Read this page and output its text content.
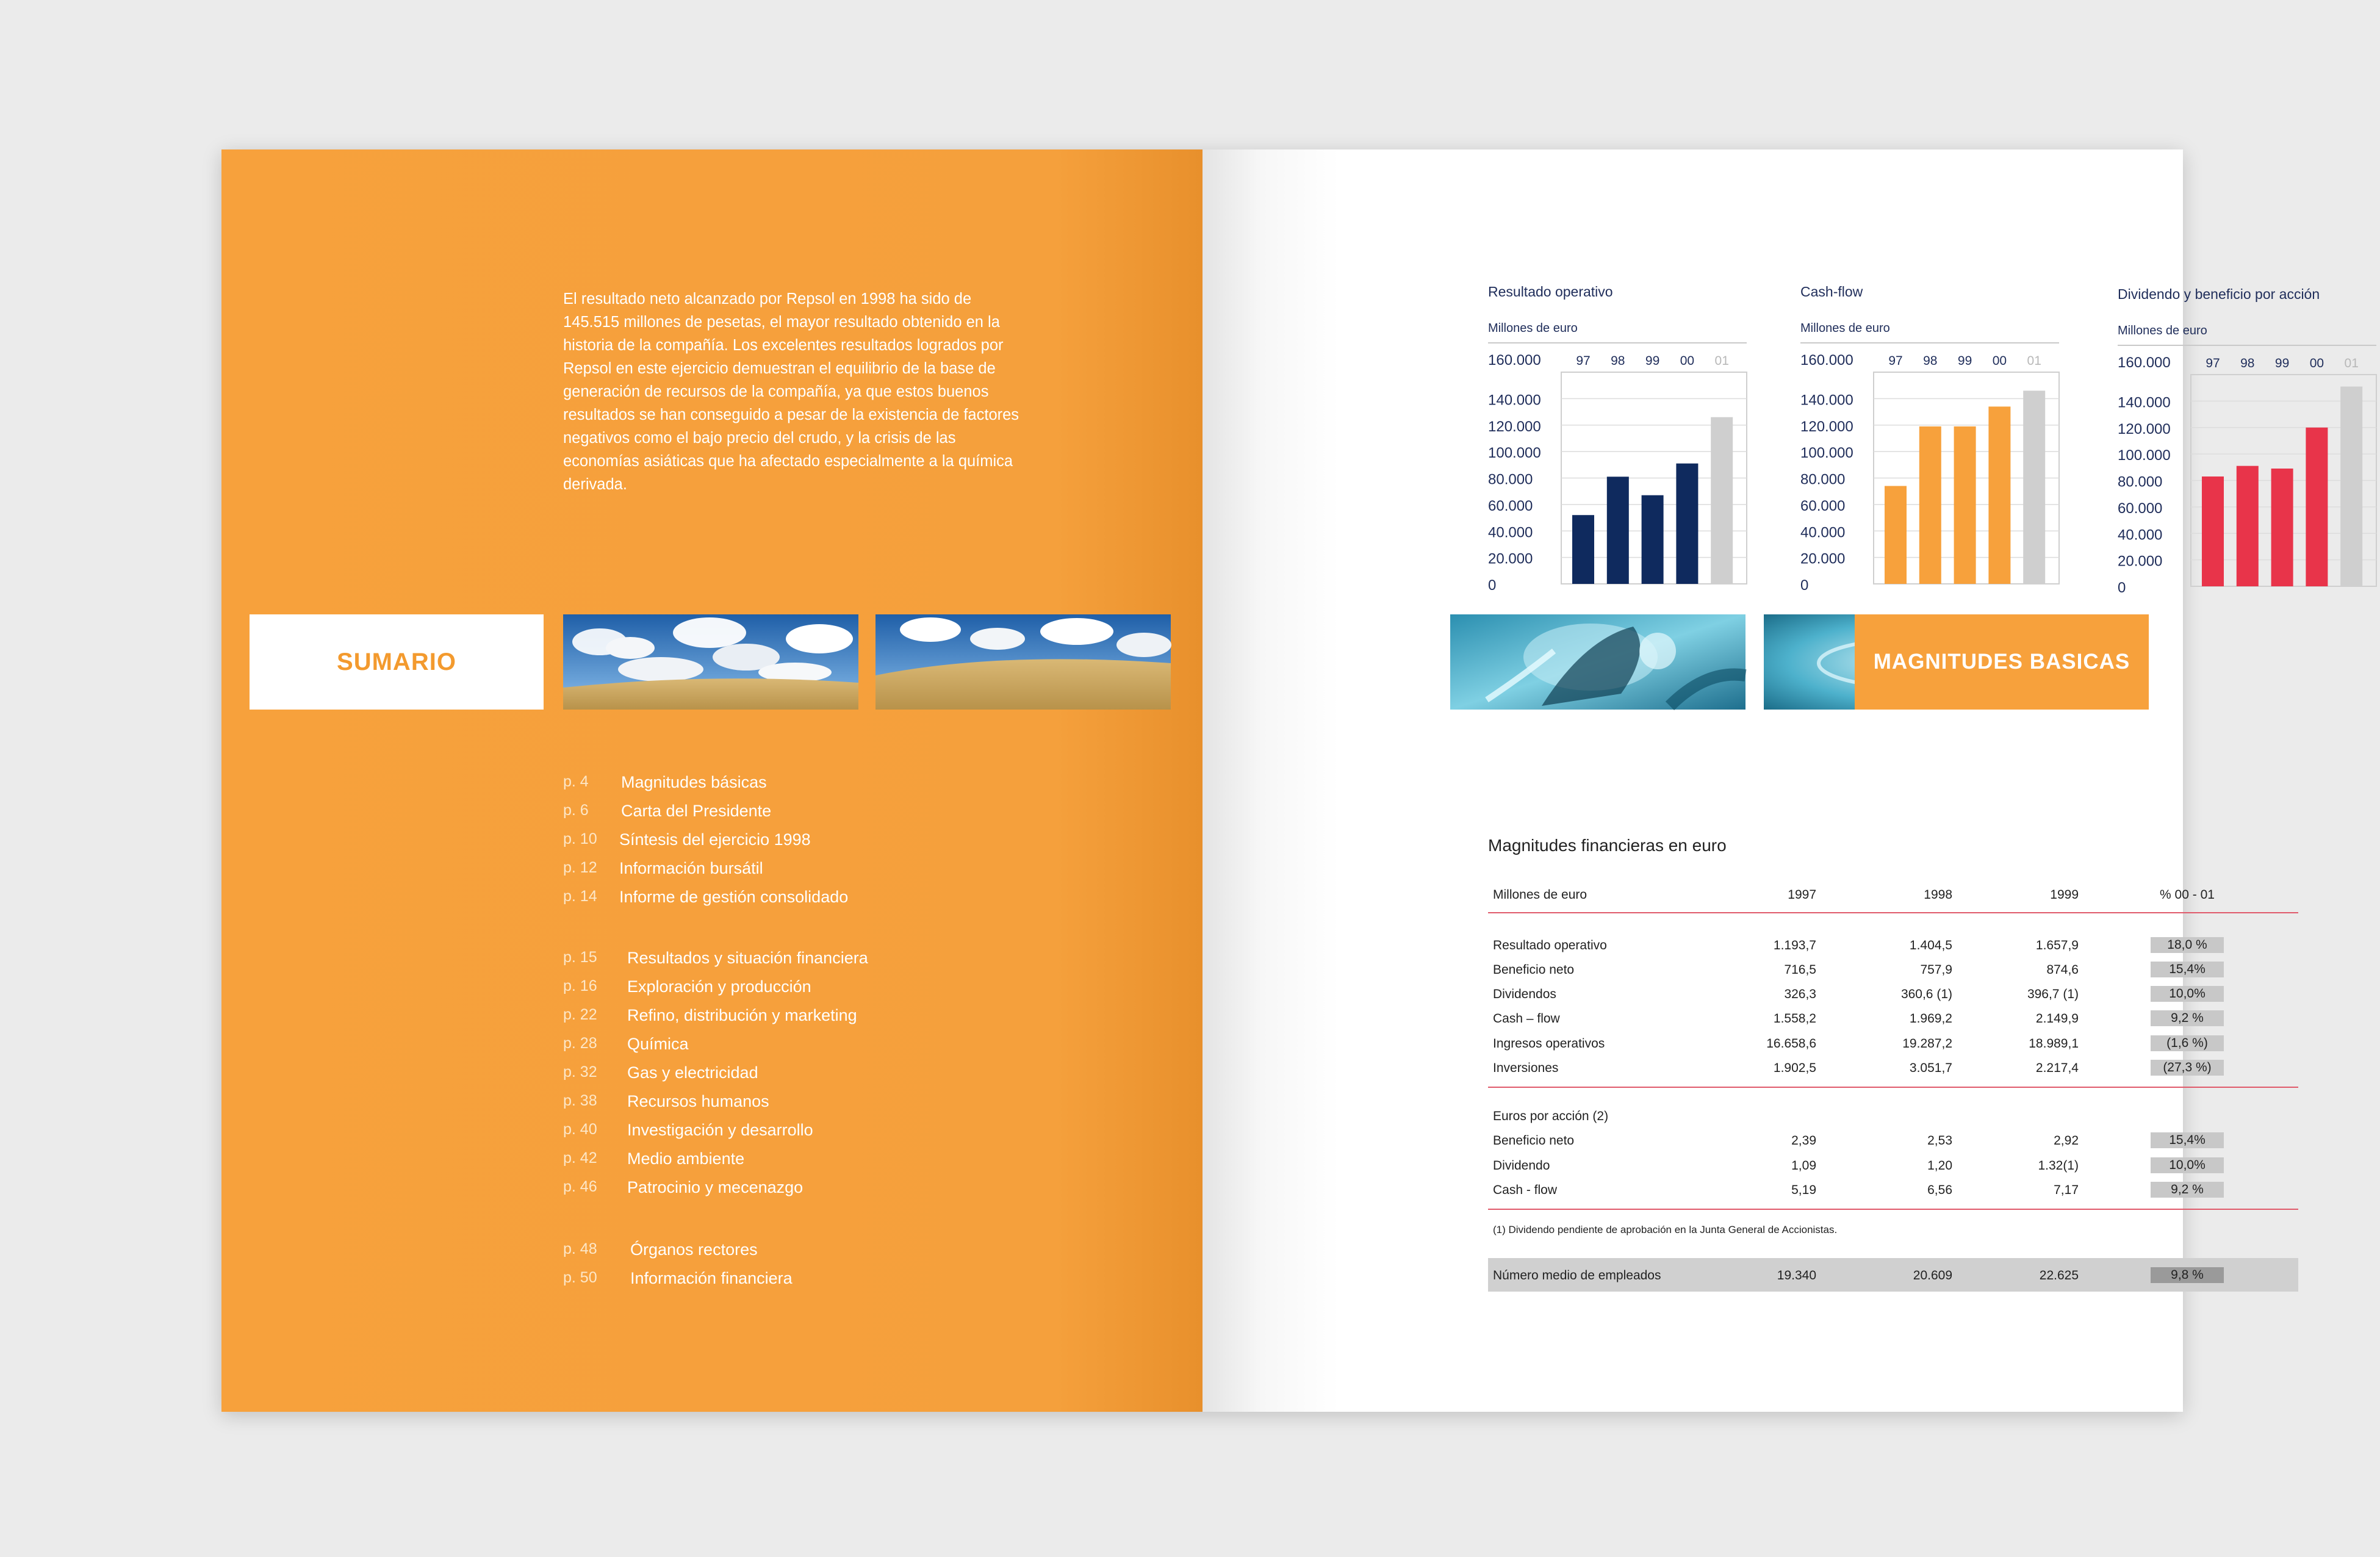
El resultado neto alcanzado por Repsol en 1998 ha sido de 145.515 millones de pesetas, el mayor resultado obtenido en la historia de la compañía. Los excelentes resultados logrados por Repsol en este ejercicio demuestran el equilibrio de la base de generación de recursos de la compañía, ya que estos buenos resultados se han conseguido a pesar de la existencia de factores negativos como el bajo precio del crudo, y la crisis de las economías asiáticas que ha afectado especialmente a la química derivada.
SUMARIO
p. 4 Magnitudes básicas
p. 6 Carta del Presidente
p. 10 Síntesis del ejercicio 1998
p. 12 Información bursátil
p. 14 Informe de gestión consolidado
p. 15 Resultados y situación financiera
p. 16 Exploración y producción
p. 22 Refino, distribución y marketing
p. 28 Química
p. 32 Gas y electricidad
p. 38 Recursos humanos
p. 40 Investigación y desarrollo
p. 42 Medio ambiente
p. 46 Patrocinio y mecenazgo
p. 48 Órganos rectores
p. 50 Información financiera
Resultado operativo
Millones de euro
160.000
140.000
120.000
100.000
80.000
60.000
40.000
20.000
0
97 98 99 00 01
Cash-flow
Millones de euro
160.000
140.000
120.000
100.000
80.000
60.000
40.000
20.000
0
97 98 99 00 01
Dividendo y beneficio por acción
Millones de euro
160.000
140.000
120.000
100.000
80.000
60.000
40.000
20.000
0
97 98 99 00 01
MAGNITUDES BASICAS
Magnitudes financieras en euro
Millones de euro	1997	1998	1999	% 00 - 01
Resultado operativo	1.193,7	1.404,5	1.657,9	18,0 %
Beneficio neto	716,5	757,9	874,6	15,4%
Dividendos	326,3	360,6 (1)	396,7 (1)	10,0%
Cash – flow	1.558,2	1.969,2	2.149,9	9,2 %
Ingresos operativos	16.658,6	19.287,2	18.989,1	(1,6 %)
Inversiones	1.902,5	3.051,7	2.217,4	(27,3 %)
Euros por acción (2)
Beneficio neto	2,39	2,53	2,92	15,4%
Dividendo	1,09	1,20	1.32(1)	10,0%
Cash - flow	5,19	6,56	7,17	9,2 %
(1) Dividendo pendiente de aprobación en la Junta General de Accionistas.
Número medio de empleados	19.340	20.609	22.625	9,8 %
